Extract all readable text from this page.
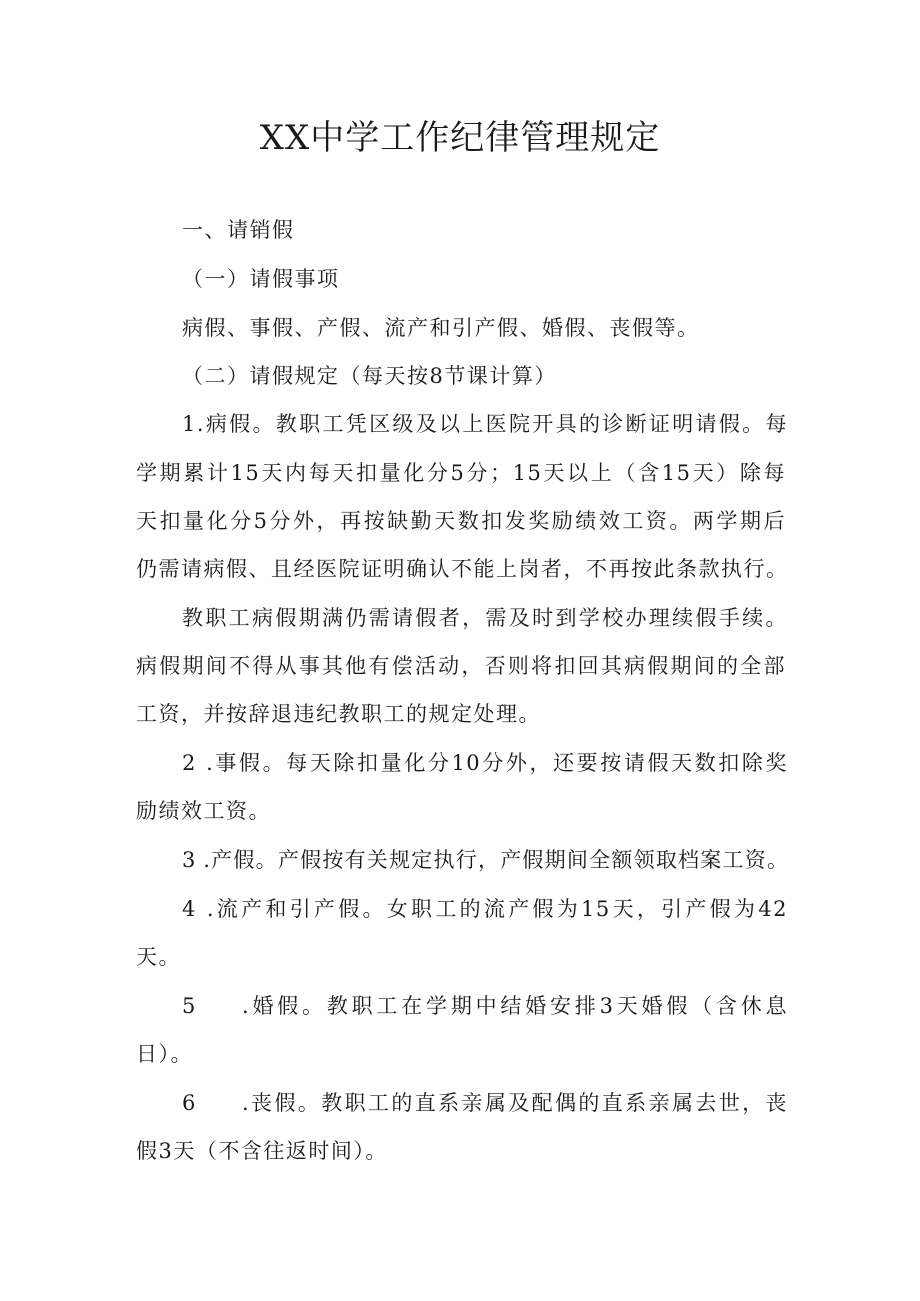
XX中学工作纪律管理规定
一、请销假
（一）请假事项
病假、事假、产假、流产和引产假、婚假、丧假等。
（二）请假规定（每天按8节课计算）
1.病假。教职工凭区级及以上医院开具的诊断证明请假。每
学期累计15天内每天扣量化分5分；15天以上（含15天）除每
天扣量化分5分外，再按缺勤天数扣发奖励绩效工资。两学期后
仍需请病假、且经医院证明确认不能上岗者，不再按此条款执行。
教职工病假期满仍需请假者，需及时到学校办理续假手续。
病假期间不得从事其他有偿活动，否则将扣回其病假期间的全部
工资，并按辞退违纪教职工的规定处理。
2 .事假。每天除扣量化分10分外，还要按请假天数扣除奖
励绩效工资。
3 .产假。产假按有关规定执行，产假期间全额领取档案工资。
4 .流产和引产假。女职工的流产假为15天，引产假为42
天。
5 .婚假。教职工在学期中结婚安排3天婚假（含休息
日）。
6 .丧假。教职工的直系亲属及配偶的直系亲属去世，丧
假3天（不含往返时间）。
